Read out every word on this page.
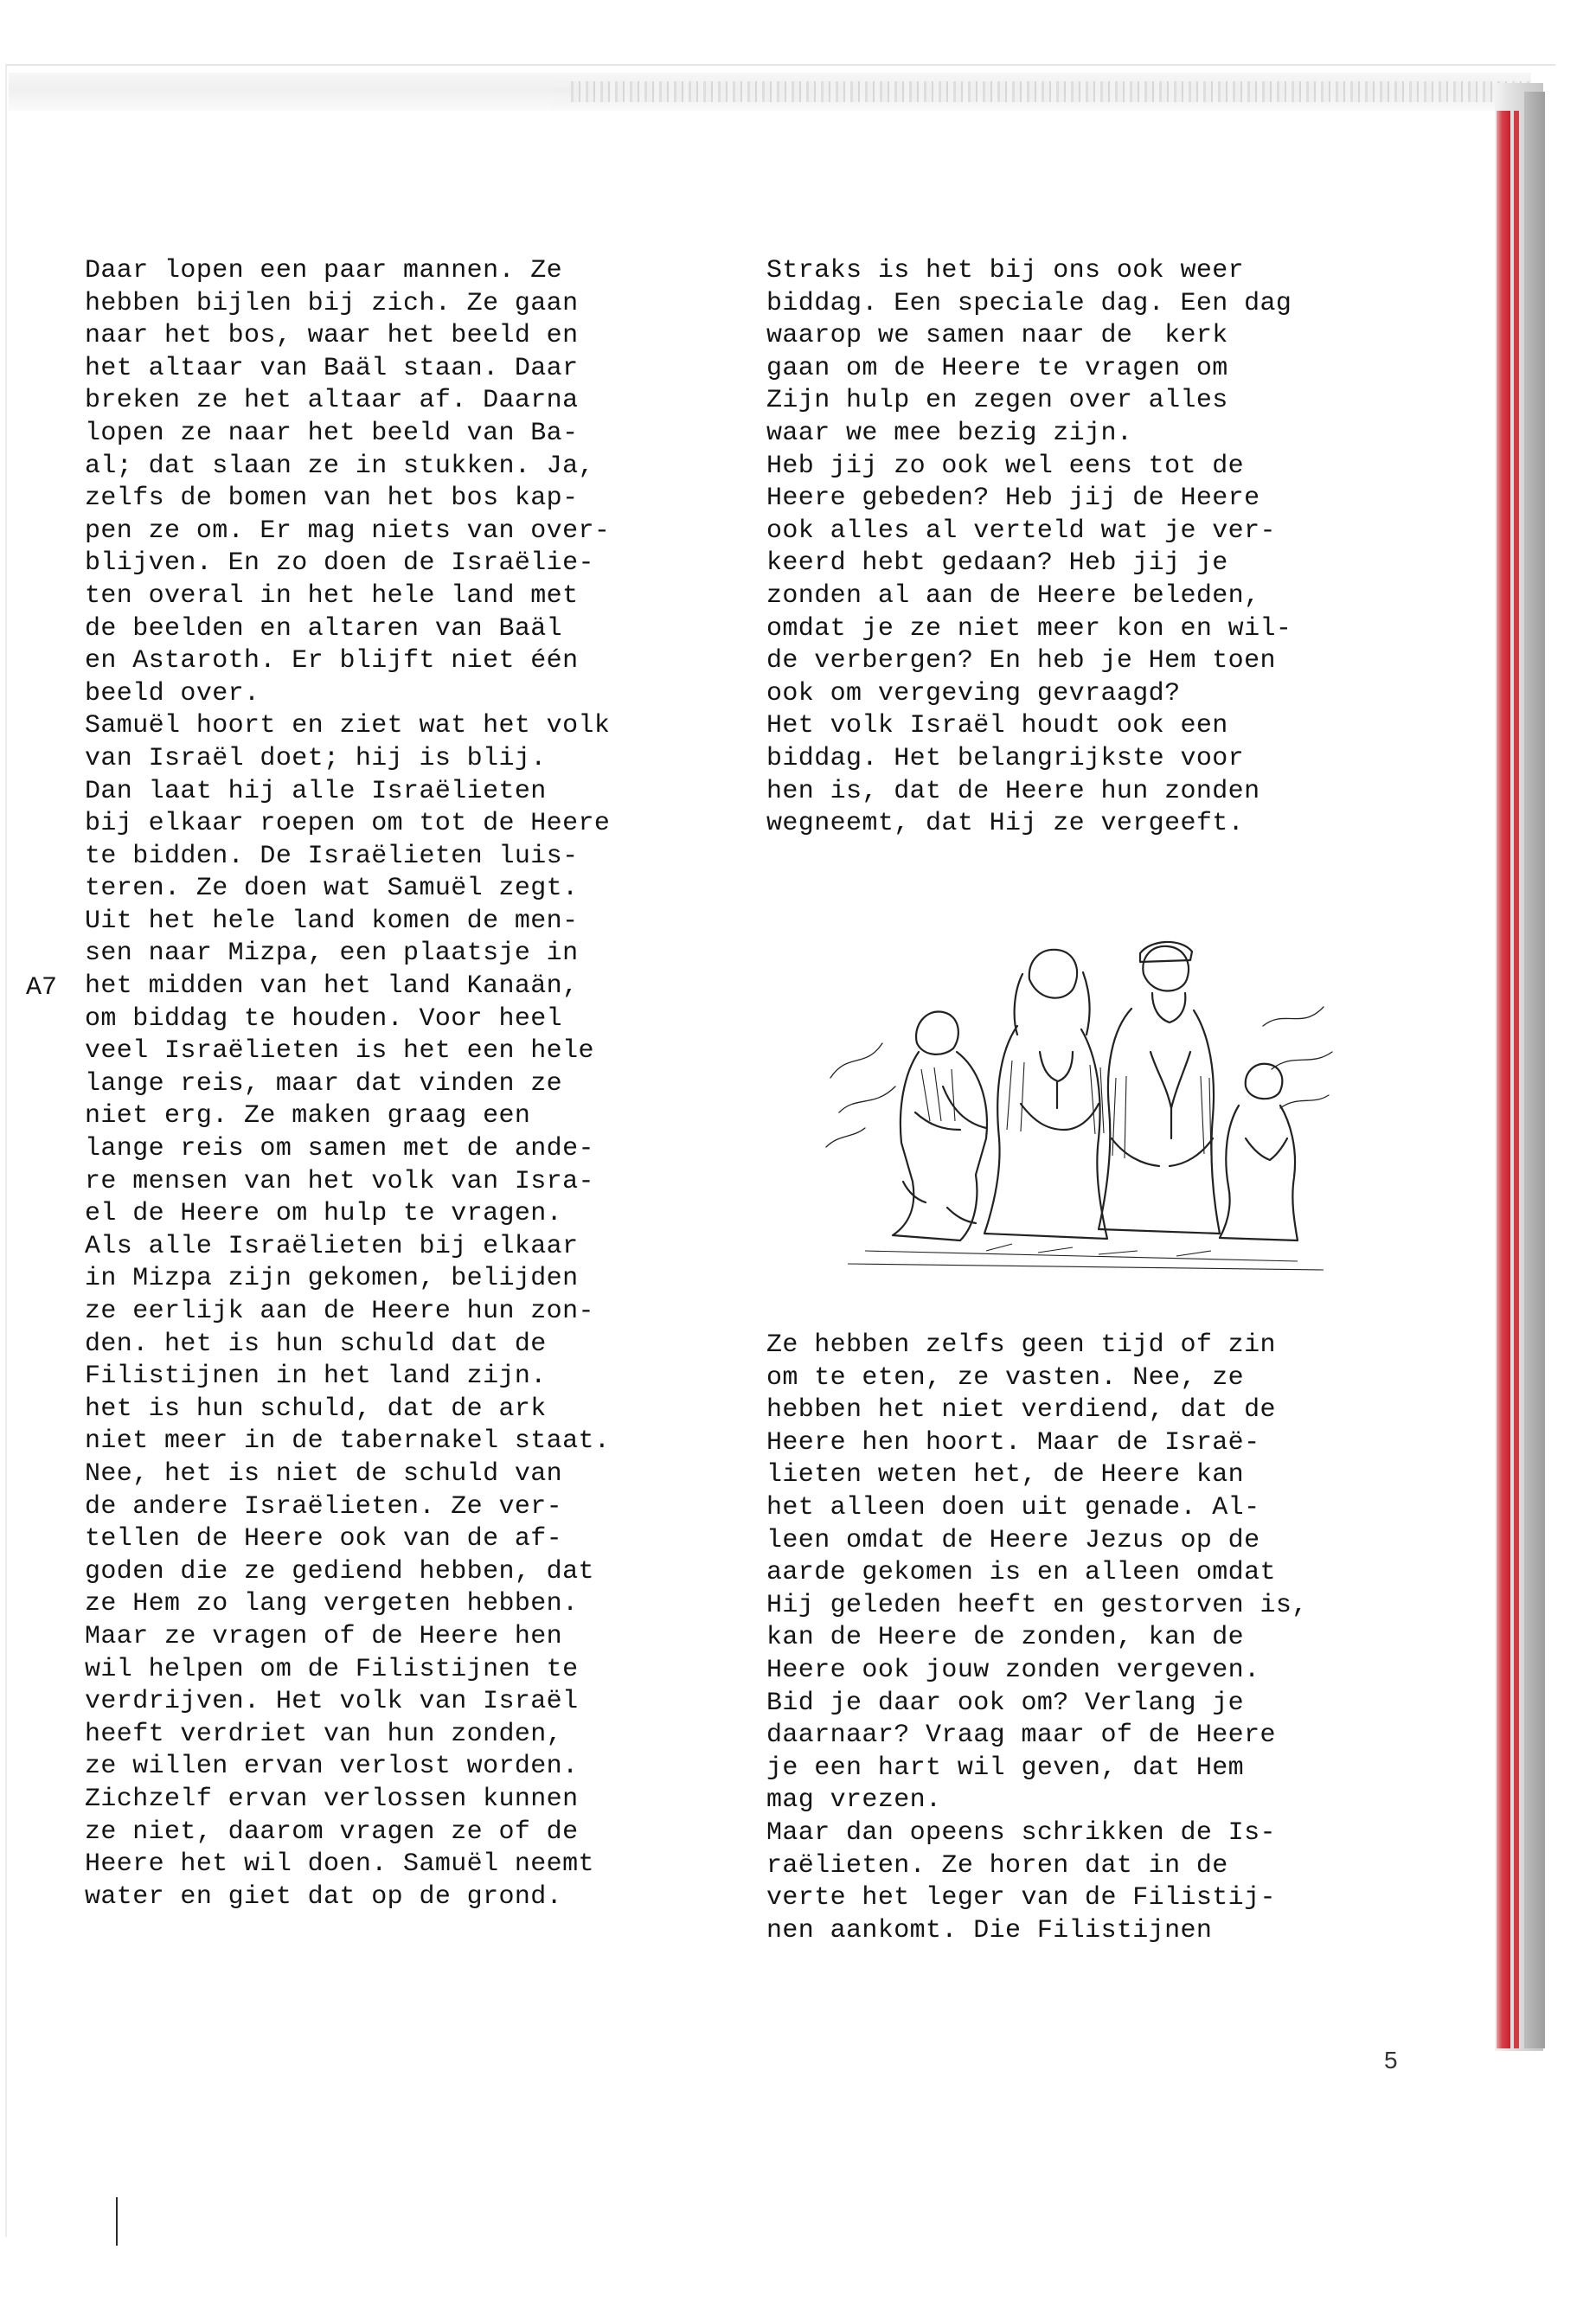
Daar lopen een paar mannen. Ze
hebben bijlen bij zich. Ze gaan
naar het bos, waar het beeld en
het altaar van Baäl staan. Daar
breken ze het altaar af. Daarna
lopen ze naar het beeld van Ba-
al; dat slaan ze in stukken. Ja,
zelfs de bomen van het bos kap-
pen ze om. Er mag niets van over-
blijven. En zo doen de Israëlie-
ten overal in het hele land met
de beelden en altaren van Baäl
en Astaroth. Er blijft niet één
beeld over.
Samuël hoort en ziet wat het volk
van Israël doet; hij is blij.
Dan laat hij alle Israëlieten
bij elkaar roepen om tot de Heere
te bidden. De Israëlieten luis-
teren. Ze doen wat Samuël zegt.
Uit het hele land komen de men-
sen naar Mizpa, een plaatsje in
het midden van het land Kanaän,
om biddag te houden. Voor heel
veel Israëlieten is het een hele
lange reis, maar dat vinden ze
niet erg. Ze maken graag een
lange reis om samen met de ande-
re mensen van het volk van Isra-
el de Heere om hulp te vragen.
Als alle Israëlieten bij elkaar
in Mizpa zijn gekomen, belijden
ze eerlijk aan de Heere hun zon-
den. het is hun schuld dat de
Filistijnen in het land zijn.
het is hun schuld, dat de ark
niet meer in de tabernakel staat.
Nee, het is niet de schuld van
de andere Israëlieten. Ze ver-
tellen de Heere ook van de af-
goden die ze gediend hebben, dat
ze Hem zo lang vergeten hebben.
Maar ze vragen of de Heere hen
wil helpen om de Filistijnen te
verdrijven. Het volk van Israël
heeft verdriet van hun zonden,
ze willen ervan verlost worden.
Zichzelf ervan verlossen kunnen
ze niet, daarom vragen ze of de
Heere het wil doen. Samuël neemt
water en giet dat op de grond.
Straks is het bij ons ook weer
biddag. Een speciale dag. Een dag
waarop we samen naar de  kerk
gaan om de Heere te vragen om
Zijn hulp en zegen over alles
waar we mee bezig zijn.
Heb jij zo ook wel eens tot de
Heere gebeden? Heb jij de Heere
ook alles al verteld wat je ver-
keerd hebt gedaan? Heb jij je
zonden al aan de Heere beleden,
omdat je ze niet meer kon en wil-
de verbergen? En heb je Hem toen
ook om vergeving gevraagd?
Het volk Israël houdt ook een
biddag. Het belangrijkste voor
hen is, dat de Heere hun zonden
wegneemt, dat Hij ze vergeeft.
Ze hebben zelfs geen tijd of zin
om te eten, ze vasten. Nee, ze
hebben het niet verdiend, dat de
Heere hen hoort. Maar de Israë-
lieten weten het, de Heere kan
het alleen doen uit genade. Al-
leen omdat de Heere Jezus op de
aarde gekomen is en alleen omdat
Hij geleden heeft en gestorven is,
kan de Heere de zonden, kan de
Heere ook jouw zonden vergeven.
Bid je daar ook om? Verlang je
daarnaar? Vraag maar of de Heere
je een hart wil geven, dat Hem
mag vrezen.
Maar dan opeens schrikken de Is-
raëlieten. Ze horen dat in de
verte het leger van de Filistij-
nen aankomt. Die Filistijnen
A7
5
